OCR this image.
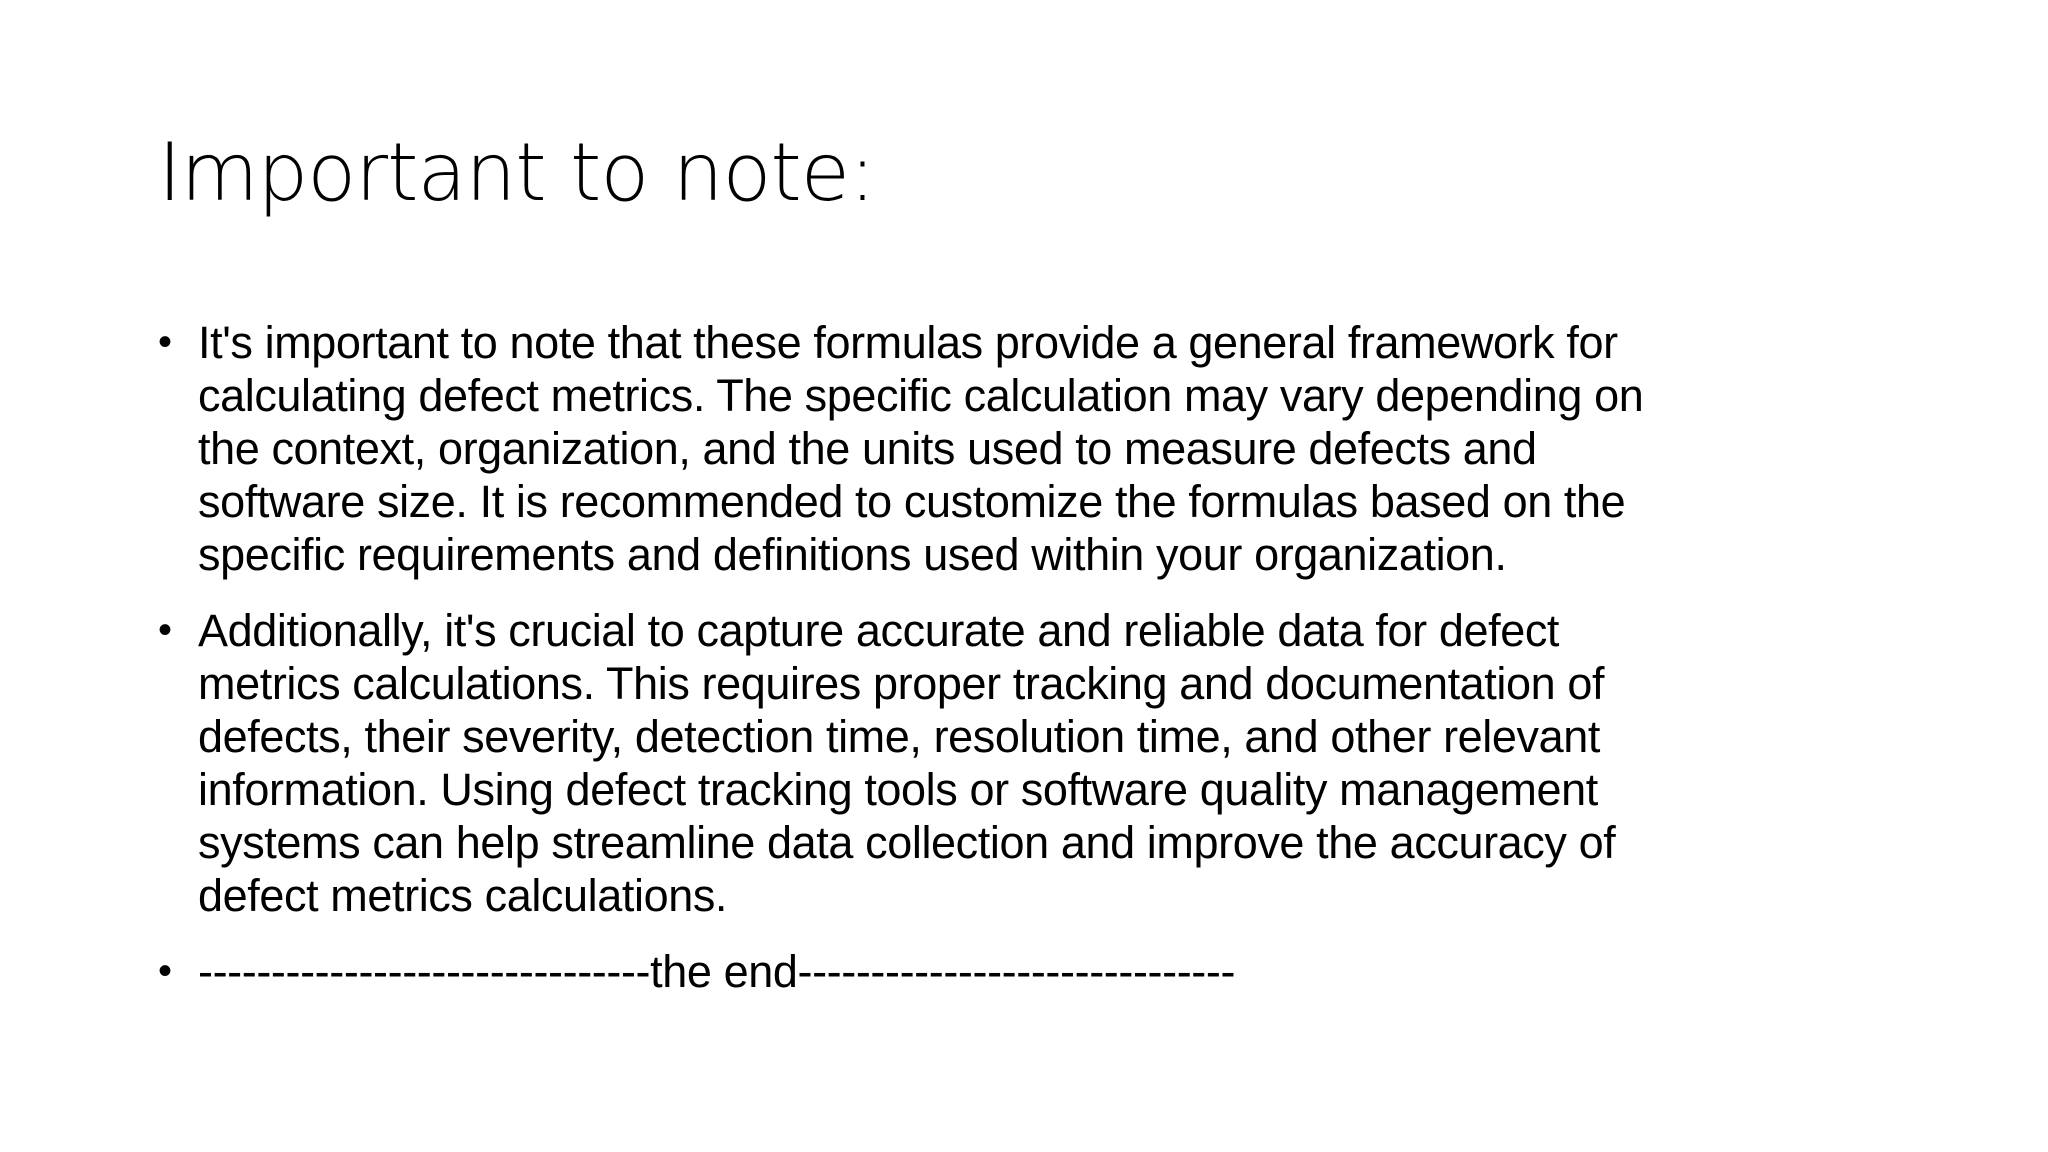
Important to note:
• It's important to note that these formulas provide a general framework for
calculating defect metrics. The specific calculation may vary depending on
the context, organization, and the units used to measure defects and
software size. It is recommended to customize the formulas based on the
specific requirements and definitions used within your organization.
• Additionally, it's crucial to capture accurate and reliable data for defect
metrics calculations. This requires proper tracking and documentation of
defects, their severity, detection time, resolution time, and other relevant
information. Using defect tracking tools or software quality management
systems can help streamline data collection and improve the accuracy of
defect metrics calculations.
• -------------------------------the end------------------------------
